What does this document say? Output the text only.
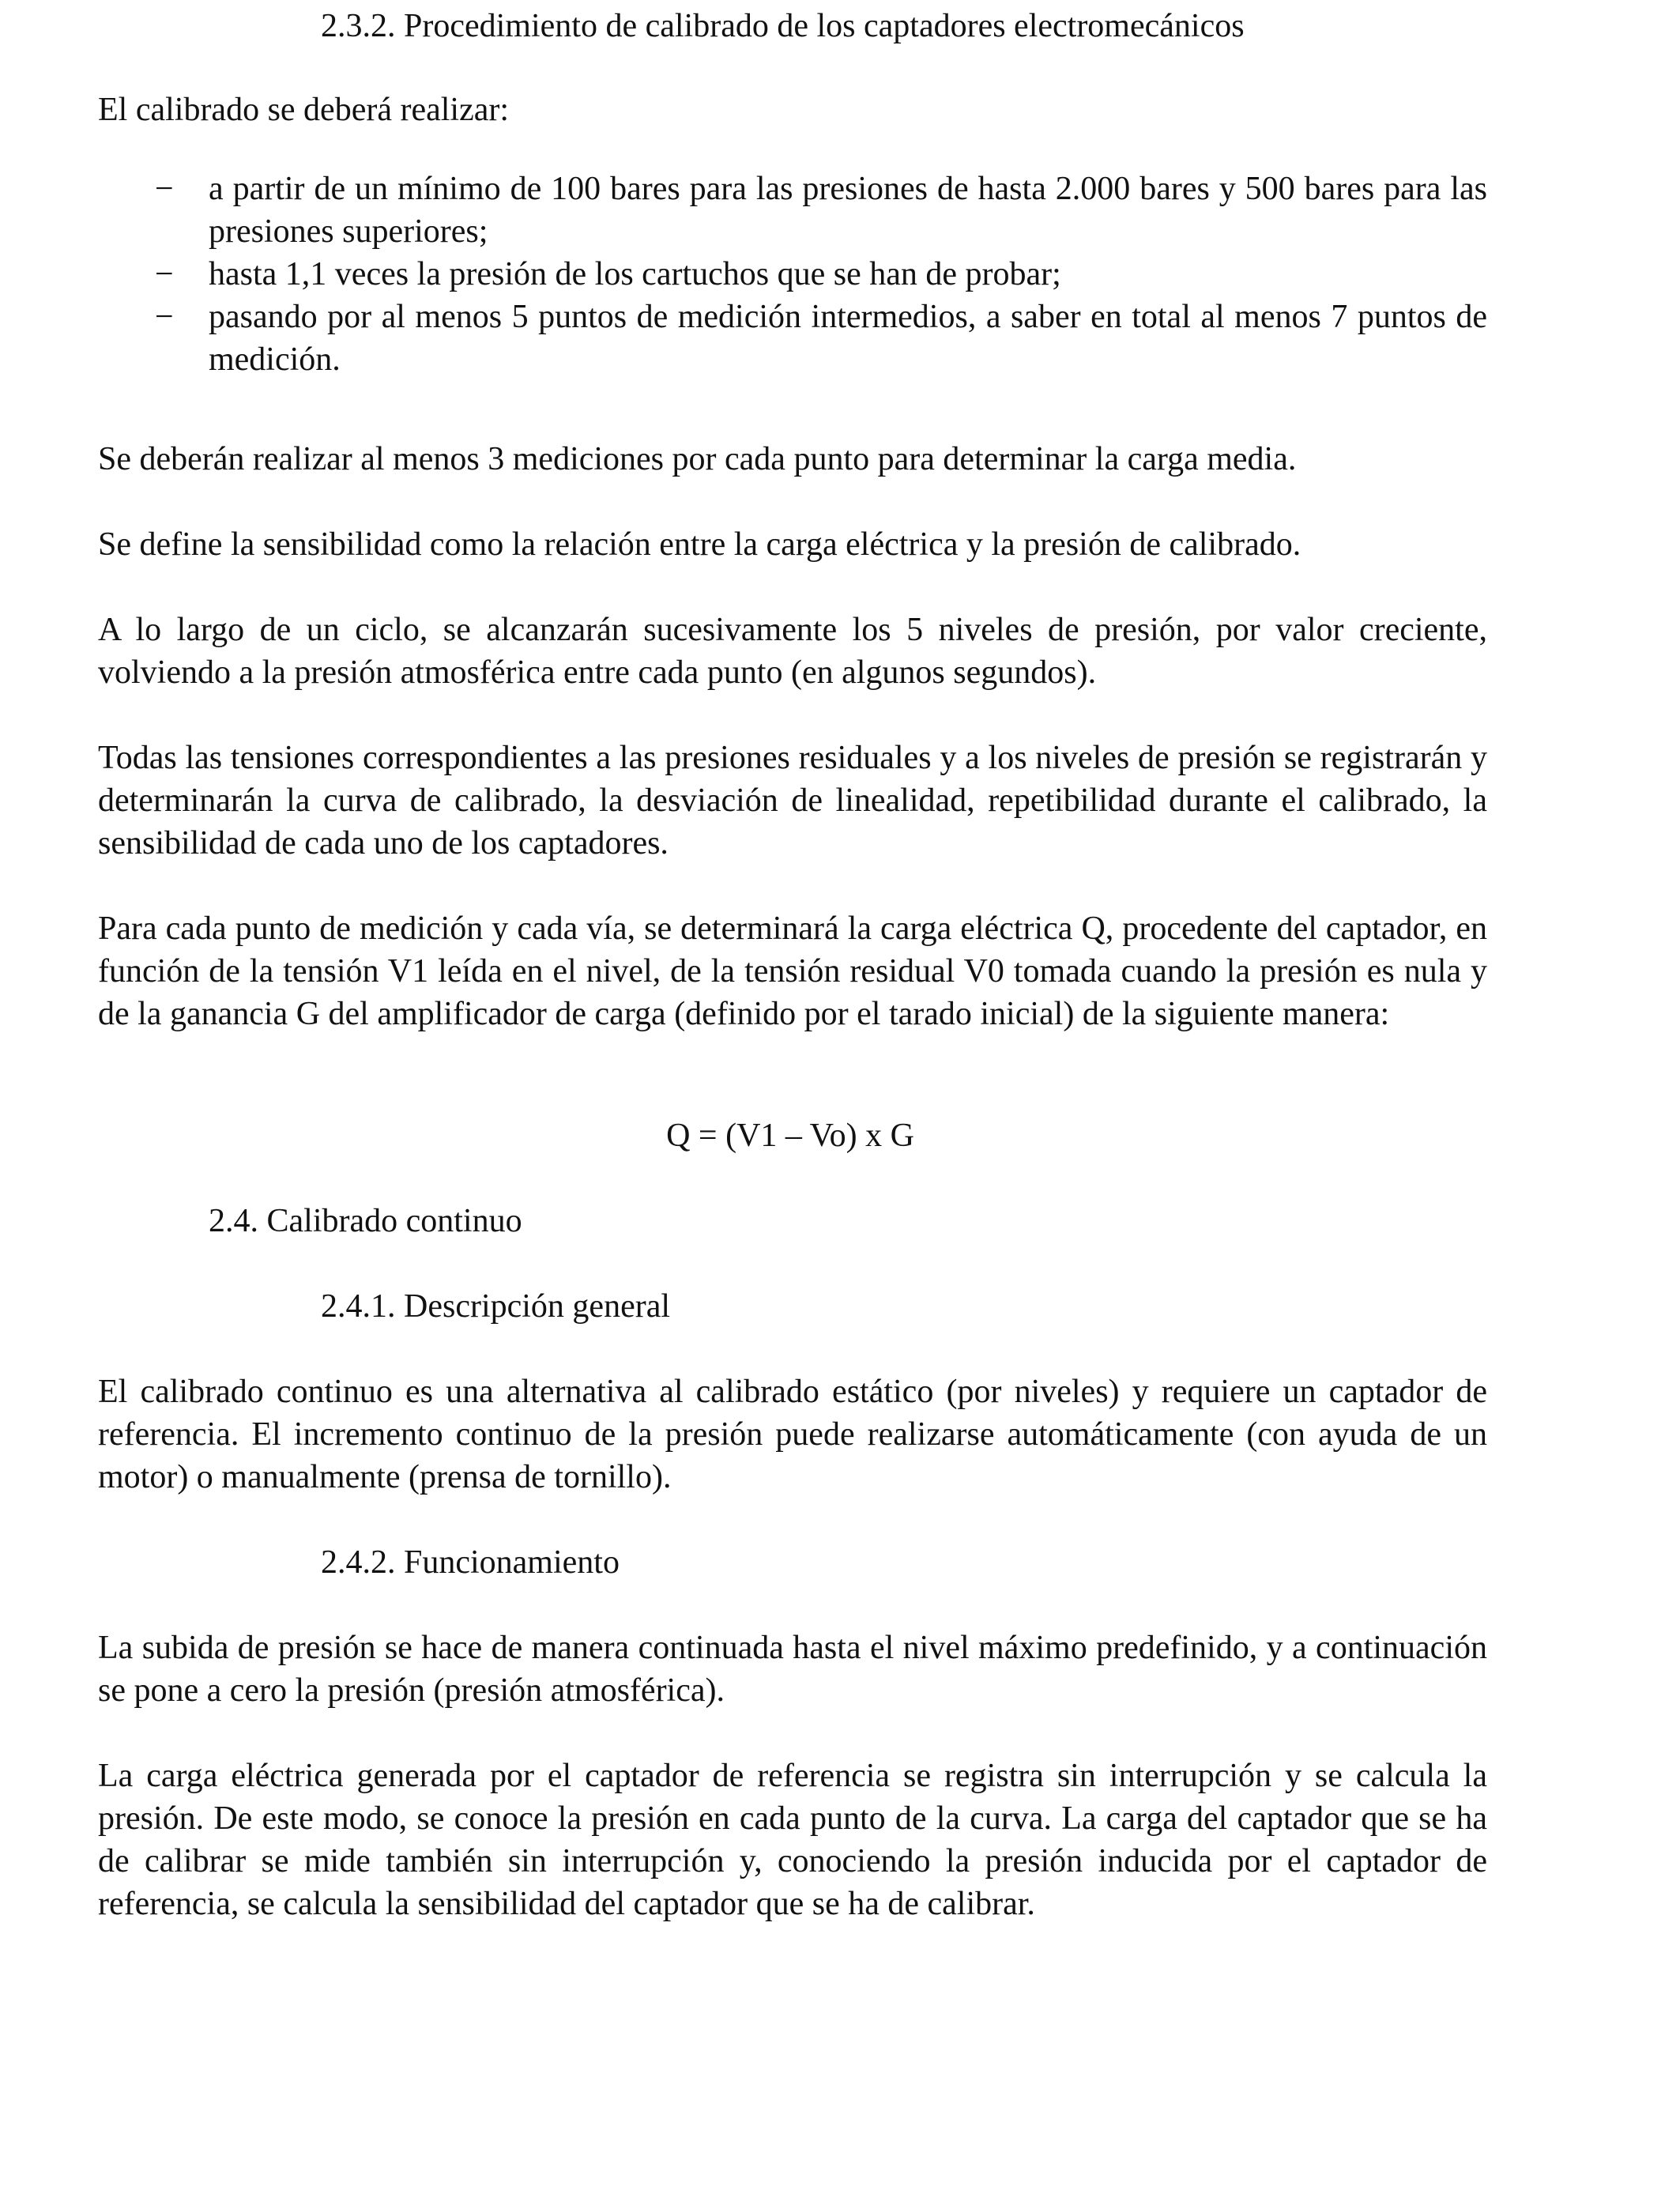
2.3.2. Procedimiento de calibrado de los captadores electromecánicos

El calibrado se deberá realizar:

− a partir de un mínimo de 100 bares para las presiones de hasta 2.000 bares y 500 bares para las presiones superiores;
− hasta 1,1 veces la presión de los cartuchos que se han de probar;
− pasando por al menos 5 puntos de medición intermedios, a saber en total al menos 7 puntos de medición.

Se deberán realizar al menos 3 mediciones por cada punto para determinar la carga media.

Se define la sensibilidad como la relación entre la carga eléctrica y la presión de calibrado.

A lo largo de un ciclo, se alcanzarán sucesivamente los 5 niveles de presión, por valor creciente, volviendo a la presión atmosférica entre cada punto (en algunos segundos).

Todas las tensiones correspondientes a las presiones residuales y a los niveles de presión se registrarán y determinarán la curva de calibrado, la desviación de linealidad, repetibilidad durante el calibrado, la sensibilidad de cada uno de los captadores.

Para cada punto de medición y cada vía, se determinará la carga eléctrica Q, procedente del captador, en función de la tensión V1 leída en el nivel, de la tensión residual V0 tomada cuando la presión es nula y de la ganancia G del amplificador de carga (definido por el tarado inicial) de la siguiente manera:

Q = (V1 – Vo) x G

2.4. Calibrado continuo
2.4.1. Descripción general

El calibrado continuo es una alternativa al calibrado estático (por niveles) y requiere un captador de referencia. El incremento continuo de la presión puede realizarse automáticamente (con ayuda de un motor) o manualmente (prensa de tornillo).

2.4.2. Funcionamiento

La subida de presión se hace de manera continuada hasta el nivel máximo predefinido, y a continuación se pone a cero la presión (presión atmosférica).

La carga eléctrica generada por el captador de referencia se registra sin interrupción y se calcula la presión. De este modo, se conoce la presión en cada punto de la curva. La carga del captador que se ha de calibrar se mide también sin interrupción y, conociendo la presión inducida por el captador de referencia, se calcula la sensibilidad del captador que se ha de calibrar.
